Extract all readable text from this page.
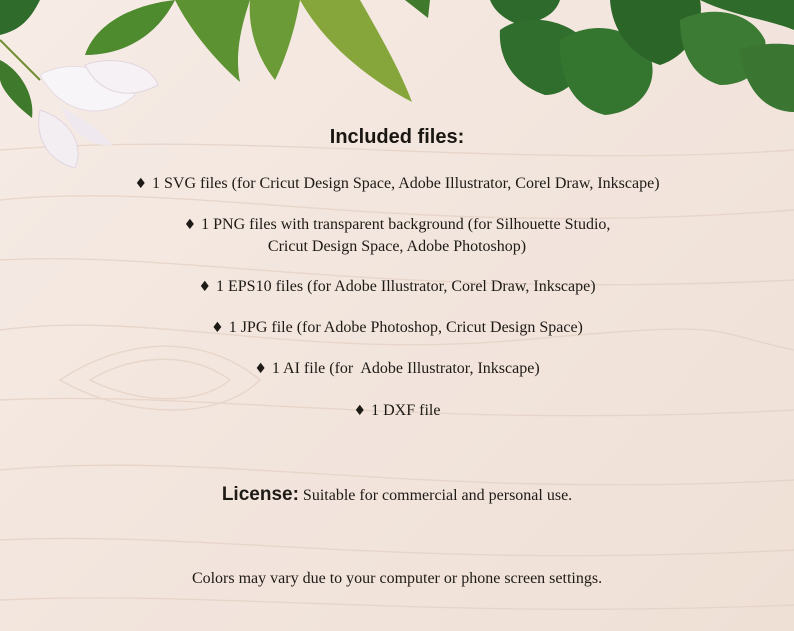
Included files:
♦ 1 SVG files (for Cricut Design Space, Adobe Illustrator, Corel Draw, Inkscape)
♦ 1 PNG files with transparent background (for Silhouette Studio,
Cricut Design Space, Adobe Photoshop)
♦ 1 EPS10 files (for Adobe Illustrator, Corel Draw, Inkscape)
♦ 1 JPG file (for Adobe Photoshop, Cricut Design Space)
♦ 1 AI file (for  Adobe Illustrator, Inkscape)
♦ 1 DXF file
License: Suitable for commercial and personal use.
Colors may vary due to your computer or phone screen settings.
